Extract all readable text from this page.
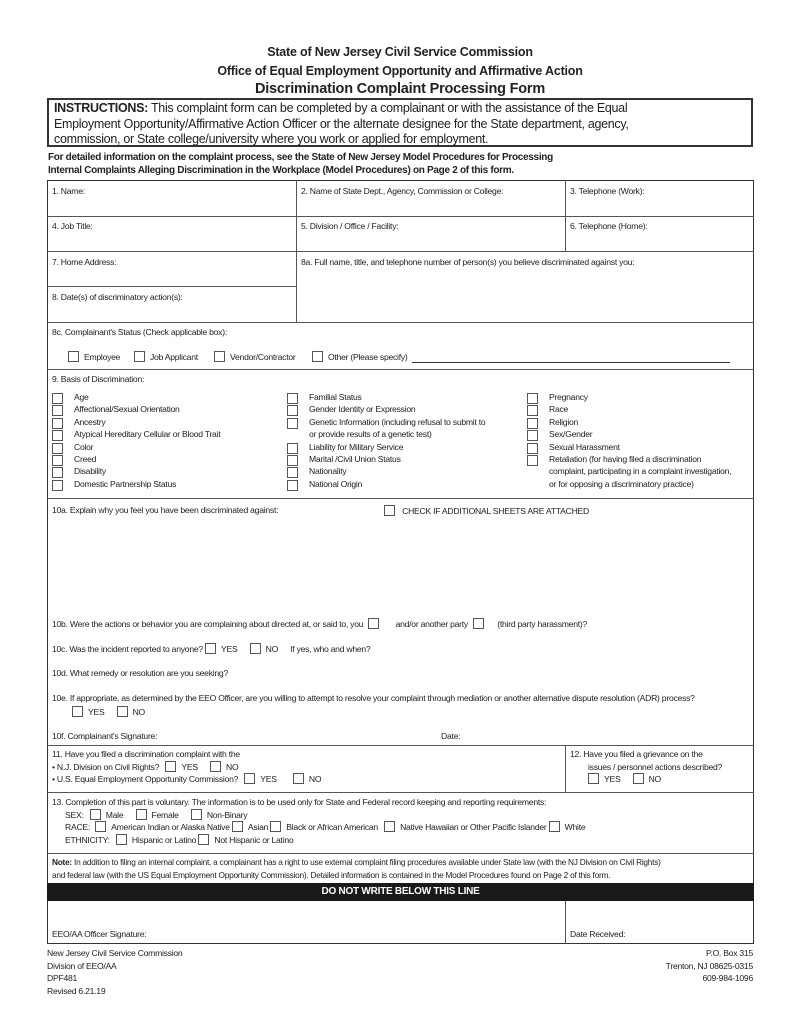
State of New Jersey Civil Service Commission
Office of Equal Employment Opportunity and Affirmative Action
Discrimination Complaint Processing Form
INSTRUCTIONS: This complaint form can be completed by a complainant or with the assistance of the Equal
Employment Opportunity/Affirmative Action Officer or the alternate designee for the State department, agency,
commission, or State college/university where you work or applied for employment.
For detailed information on the complaint process, see the State of New Jersey Model Procedures for Processing
Internal Complaints Alleging Discrimination in the Workplace (Model Procedures) on Page 2 of this form.
1. Name:	2. Name of State Dept., Agency, Commission or College:	3. Telephone (Work):
4. Job Title:	5. Division / Office / Facility:	6. Telephone (Home):
7. Home Address:	8a. Full name, title, and telephone number of person(s) you believe discriminated against you:
8. Date(s) of discriminatory action(s):
8c. Complainant's Status (Check applicable box):
Employee	Job Applicant	Vendor/Contractor	Other (Please specify)
9. Basis of Discrimination:
Age
Affectional/Sexual Orientation
Ancestry
Atypical Hereditary Cellular or Blood Trait
Color
Creed
Disability
Domestic Partnership Status
Familial Status
Gender Identity or Expression
Genetic Information (including refusal to submit to
or provide results of a genetic test)
Liability for Military Service
Marital /Civil Union Status
Nationality
National Origin
Pregnancy
Race
Religion
Sex/Gender
Sexual Harassment
Retaliation (for having filed a discrimination
complaint, participating in a complaint investigation,
or for opposing a discriminatory practice)
10a. Explain why you feel you have been discriminated against:	CHECK IF ADDITIONAL SHEETS ARE ATTACHED
10b. Were the actions or behavior you are complaining about directed at, or said to, you	and/or another party	(third party harassment)?
10c. Was the incident reported to anyone? YES	NO If yes, who and when?
10d. What remedy or resolution are you seeking?
10e. If appropriate, as determined by the EEO Officer, are you willing to attempt to resolve your complaint through mediation or another alternative dispute resolution (ADR) process?
YES	NO
10f. Complainant's Signature:	Date:
11. Have you filed a discrimination complaint with the
• N.J. Division on Civil Rights?	YES	NO
• U.S. Equal Employment Opportunity Commission?	YES	NO
12. Have you filed a grievance on the
issues / personnel actions described?
YES	NO
13. Completion of this part is voluntary. The information is to be used only for State and Federal record keeping and reporting requirements:
SEX:	Male	Female	Non-Binary
RACE: American Indian or Alaska Native Asian Black or African American	Native Hawaiian or Other Pacific Islander White
ETHNICITY:	Hispanic or Latino Not Hispanic or Latino
Note: In addition to filing an internal complaint, a complainant has a right to use external complaint filing procedures available under State law (with the NJ Division on Civil Rights)
and federal law (with the US Equal Employment Opportunity Commission). Detailed information is contained in the Model Procedures found on Page 2 of this form.
DO NOT WRITE BELOW THIS LINE
EEO/AA Officer Signature:	Date Received:
New Jersey Civil Service Commission
Division of EEO/AA
DPF481
Revised 6.21.19
P.O. Box 315
Trenton, NJ 08625-0315
609-984-1096
